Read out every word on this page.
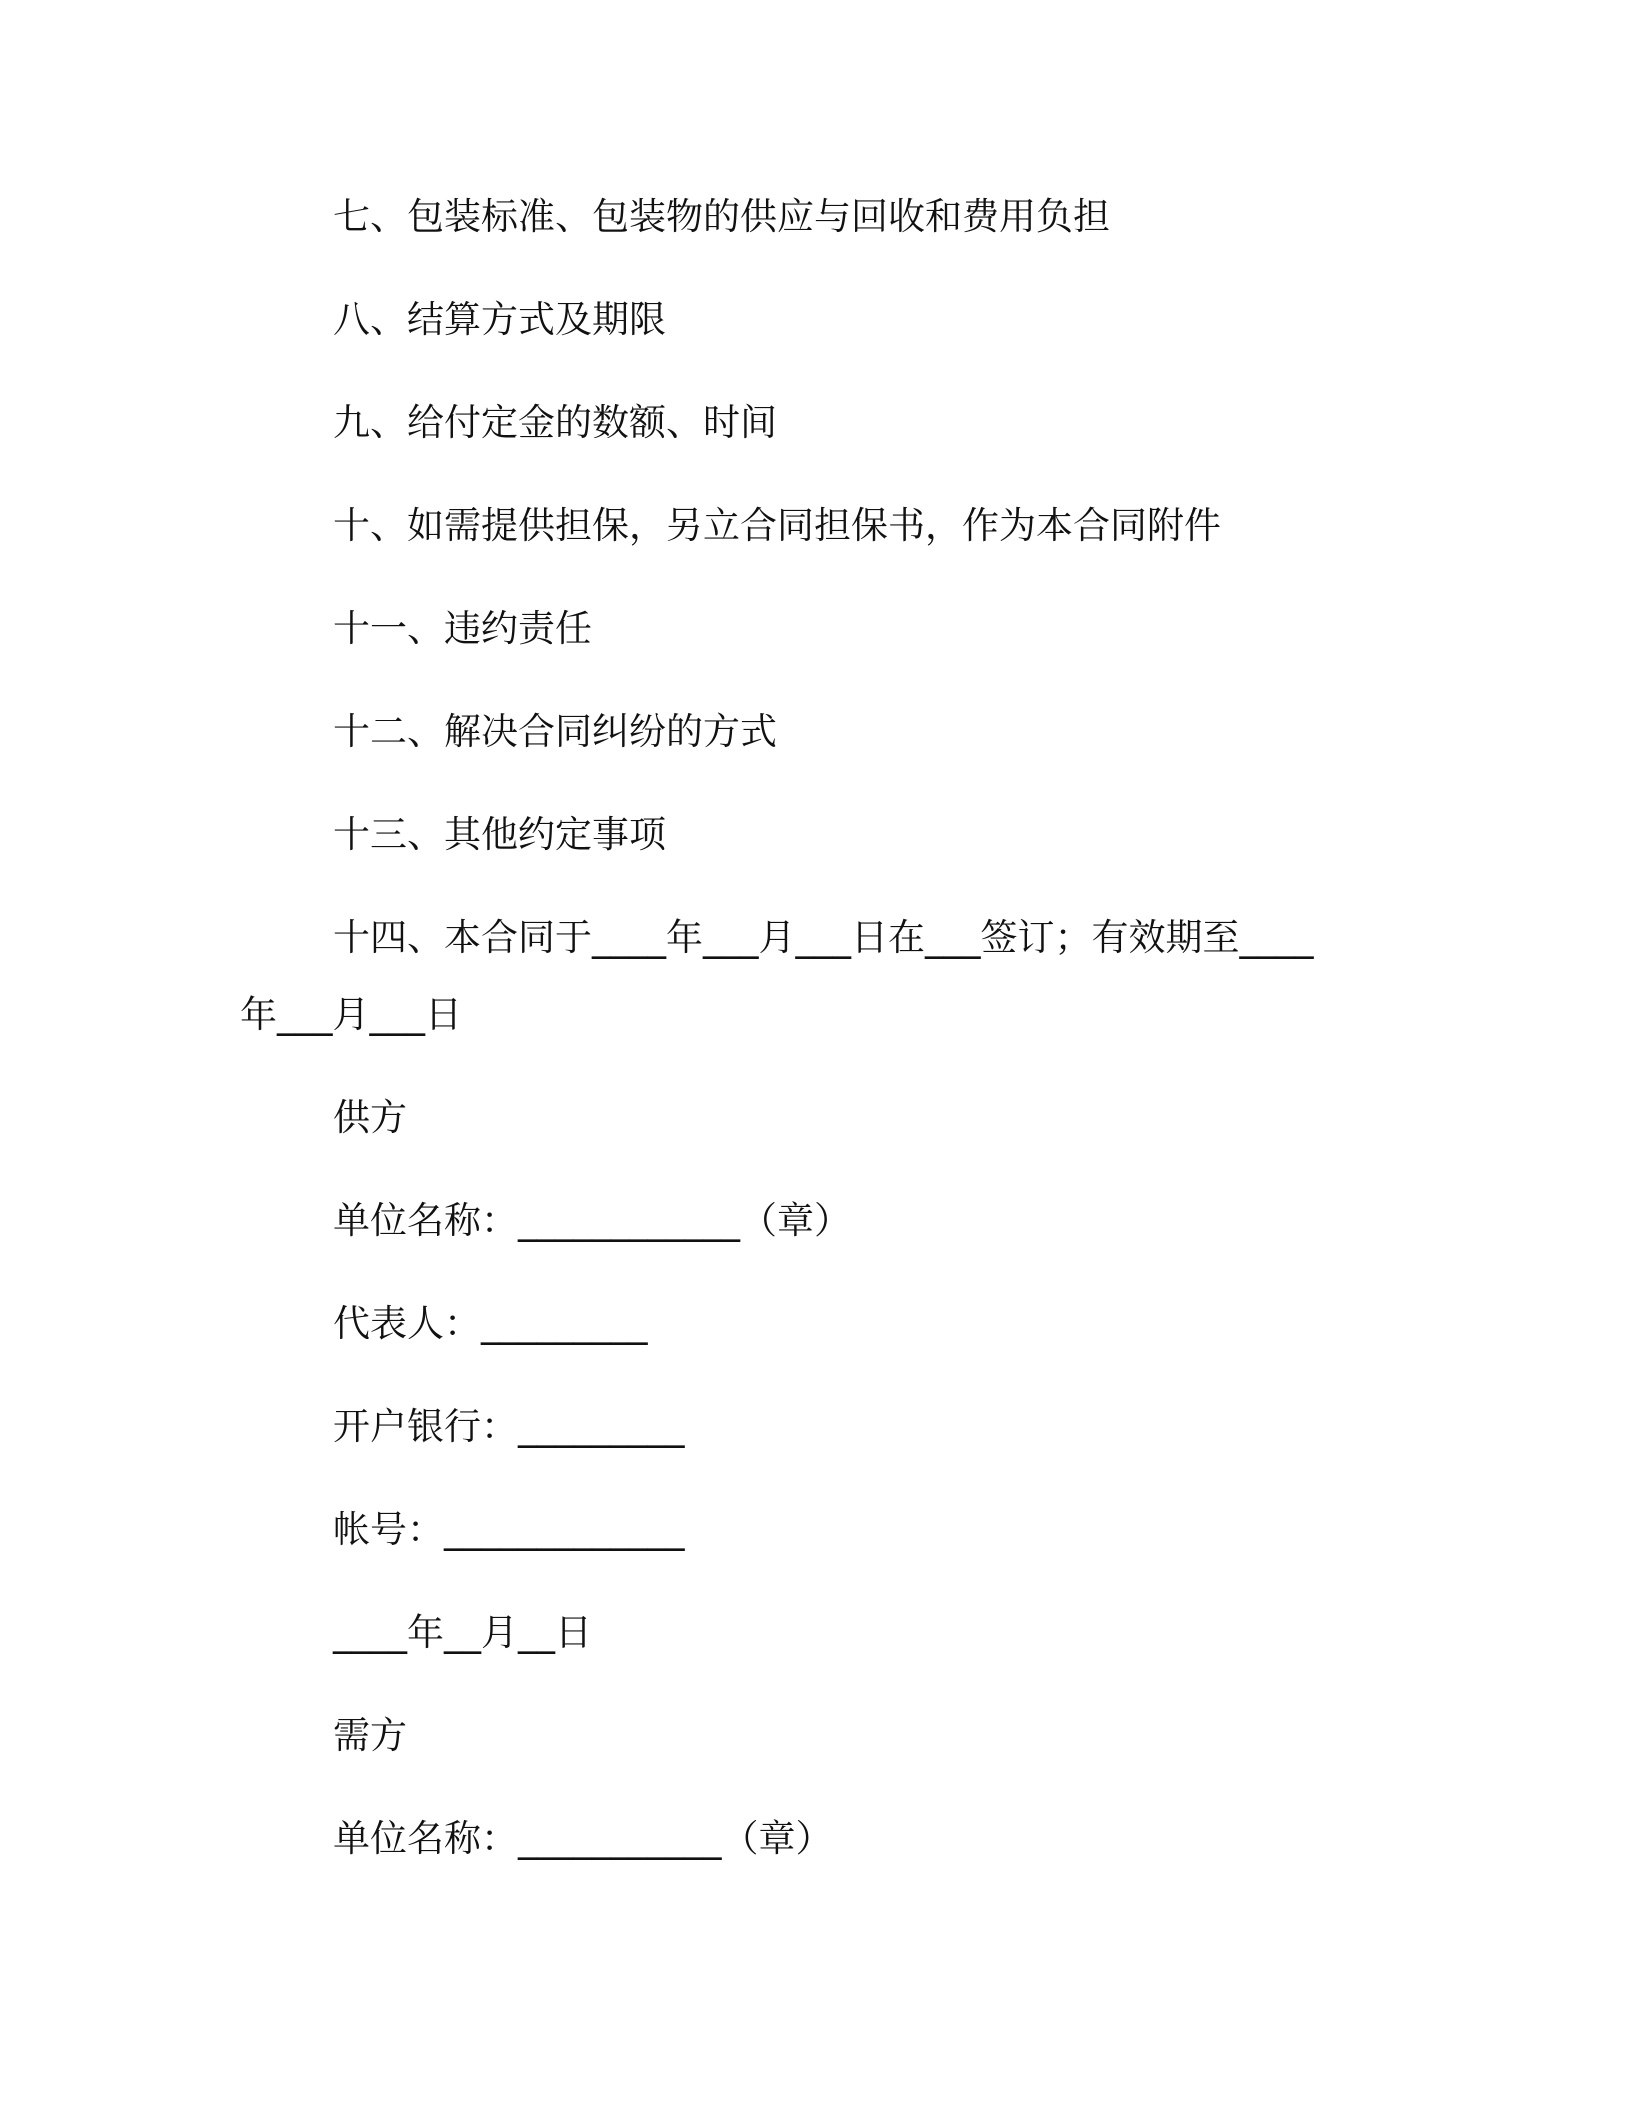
七、包装标准、包装物的供应与回收和费用负担
八、结算方式及期限
九、给付定金的数额、时间
十、如需提供担保，另立合同担保书，作为本合同附件
十一、违约责任
十二、解决合同纠纷的方式
十三、其他约定事项
十四、本合同于____年___月___日在___签订；有效期至____
年___月___日
供方
单位名称：____________（章）
代表人：_________
开户银行：_________
帐号：_____________
____年__月__日
需方
单位名称：___________（章）
